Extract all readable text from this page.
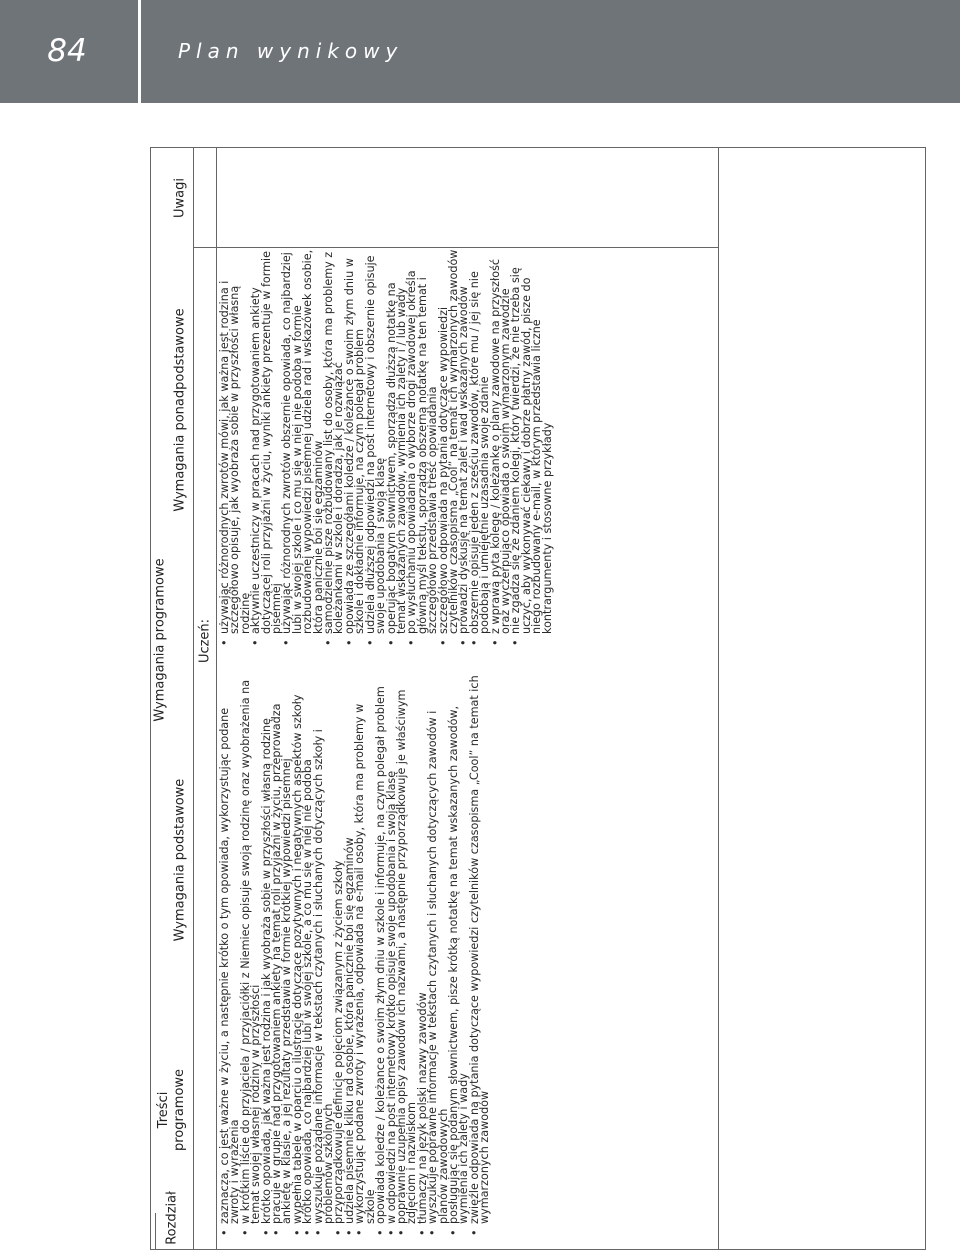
84	Plan wynikowy
Rozdział
Treści programowe
Wymagania programowe
Wymagania podstawowe
Wymagania ponadpodstawowe
Uwagi
Uczeń:
• zaznacza, co jest ważne w życiu, a następnie krótko o tym opowiada, wykorzystując podane zwroty i wyrażenia
• w krótkim liście do przyjaciela / przyjaciółki z Niemiec opisuje swoją rodzinę oraz wyobrażenia na temat swojej własnej rodziny w przyszłości
• krótko opowiada, jak ważna jest rodzina i jak wyobraża sobie w przyszłości własną rodzinę
• pracuje w grupie nad przygotowaniem ankiety na temat roli przyjaźni w życiu, przeprowadza ankietę w klasie, a jej rezultaty przedstawia w formie krótkiej wypowiedzi pisemnej
• wypełnia tabelę w oparciu o ilustrację dotyczące pozytywnych i negatywnych aspektów szkoły
• krótko opowiada, co najbardziej lubi w swojej szkole, a co mu się w niej nie podoba
• wyszukuje pożądane informacje w tekstach czytanych i słuchanych dotyczących szkoły i problemów szkolnych
• przyporządkowuje definicje pojęciom związanym z życiem szkoły
• udziela pisemnie kilku rad osobie, która panicznie boi się egzaminów
• wykorzystując podane zwroty i wyrażenia, odpowiada na e-mail osoby, która ma problemy w szkole
• opowiada koledze / koleżance o swoim złym dniu w szkole i informuje, na czym polegał problem
• w odpowiedzi na post internetowy krótko opisuje swoje upodobania i swoją klasę
• poprawnie uzupełnia opisy zawodów ich nazwami, a następnie przyporządkowuje je właściwym zdjęciom i nazwiskom
• tłumaczy na język polski nazwy zawodów
• wyszukuje poprawne informacje w tekstach czytanych i słuchanych dotyczących zawodów i planów zawodowych
• posługując się podanym słownictwem, pisze krótką notatkę na temat wskazanych zawodów, wymienia ich zalety i wady
• zwięźle odpowiada na pytania dotyczące wypowiedzi czytelników czasopisma „Cool” na temat ich wymarzonych zawodów
• używając różnorodnych zwrotów mówi, jak ważna jest rodzina i szczegółowo opisuje, jak wyobraża sobie w przyszłości własną rodzinę
• aktywnie uczestniczy w pracach nad przygotowaniem ankiety dotyczącej roli przyjaźni w życiu, wyniki ankiety prezentuje w formie pisemnej
• używając różnorodnych zwrotów obszernie opowiada, co najbardziej lubi w swojej szkole i co mu się w niej nie podoba w formie rozbudowanej wypowiedzi pisemnej udziela rad i wskazówek osobie, która panicznie boi się egzaminów
• samodzielnie pisze rozbudowany list do osoby, która ma problemy z koleżankami w szkole i doradza, jak je rozwiązać
• opowiada ze szczegółami koledze / koleżance o swoim złym dniu w szkole i dokładnie informuje, na czym polegał problem
• udziela dłuższej odpowiedzi na post internetowy i obszernie opisuje swoje upodobania i swoją klasę
• operując bogatym słownictwem, sporządza dłuższą notatkę na temat wskazanych zawodów, wymienia ich zalety i / lub wady
• po wysłuchaniu opowiadania o wyborze drogi zawodowej określa główną myśl tekstu, sporządza obszerną notatkę na ten temat i szczegółowo przedstawia treść opowiadania
• szczegółowo odpowiada na pytania dotyczące wypowiedzi czytelników czasopisma „Cool” na temat ich wymarzonych zawodów
• prowadzi dyskusję na temat zalet i wad wskazanych zawodów
• obszernie opisuje jeden z sześciu zawodów, które mu / jej się nie podobają i umiejętnie uzasadnia swoje zdanie
• z wprawą pyta kolegę / koleżankę o plany zawodowe na przyszłość oraz wyczerpująco opowiada o swoim wymarzonym zawodzie
• nie zgadza się ze zdaniem kolegi, który twierdzi, że nie trzeba się uczyć, aby wykonywać ciekawy i dobrze płatny zawód, pisze do niego rozbudowany e-mail, w którym przedstawia liczne kontrargumenty i stosowne przykłady
